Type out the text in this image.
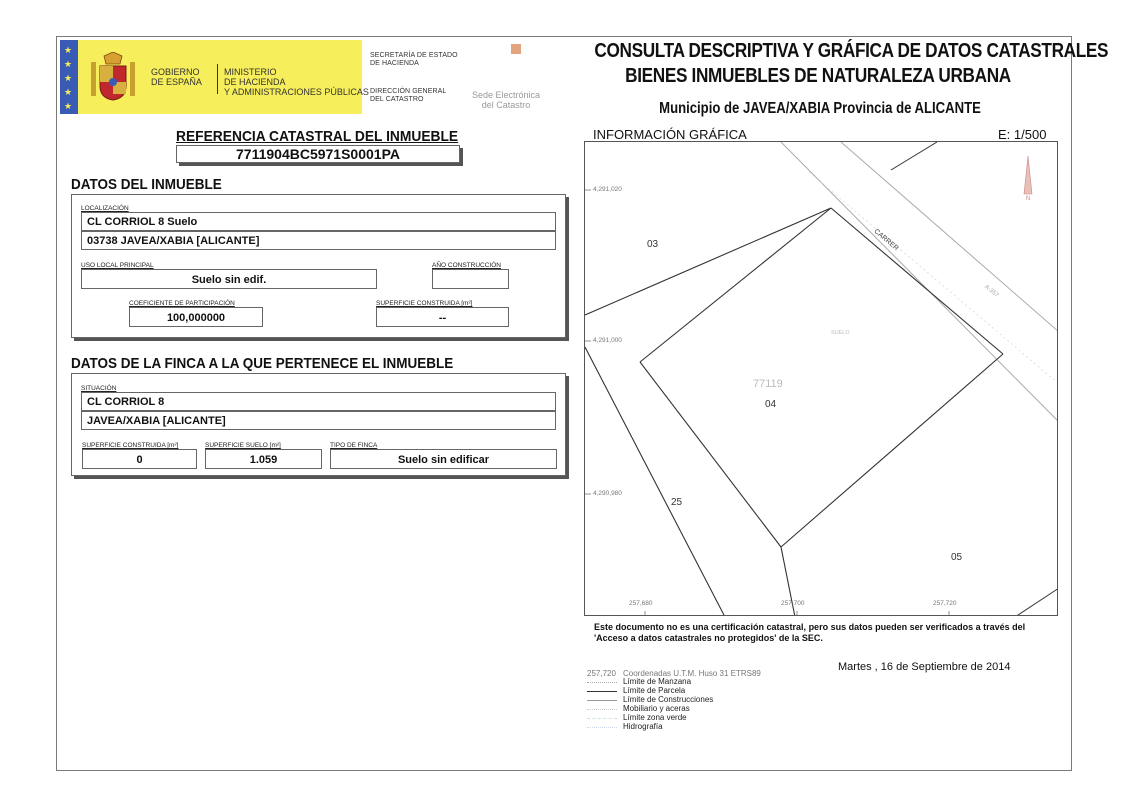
★
★
★
★
★
GOBIERNO
DE ESPAÑA
MINISTERIO
DE HACIENDA
Y ADMINISTRACIONES PÚBLICAS
SECRETARÍA DE ESTADO
DE HACIENDA
DIRECCIÓN GENERAL
DEL CATASTRO	Sede Electrónica
del Catastro
CONSULTA DESCRIPTIVA Y GRÁFICA DE DATOS CATASTRALES
BIENES INMUEBLES DE NATURALEZA URBANA
Municipio de JAVEA/XABIA Provincia de ALICANTE
REFERENCIA CATASTRAL DEL INMUEBLE
7711904BC5971S0001PA
DATOS DEL INMUEBLE
LOCALIZACIÓN
CL CORRIOL 8 Suelo
03738 JAVEA/XABIA [ALICANTE]
USO LOCAL PRINCIPAL
Suelo sin edif.
AÑO CONSTRUCCIÓN
COEFICIENTE DE PARTICIPACIÓN
100,000000
SUPERFICIE CONSTRUIDA [m²]
--
DATOS DE LA FINCA A LA QUE PERTENECE EL INMUEBLE
SITUACIÓN
CL CORRIOL 8
JAVEA/XABIA [ALICANTE]
SUPERFICIE CONSTRUIDA [m²]
0
SUPERFICIE SUELO [m²]
1.059
TIPO DE FINCA
Suelo sin edificar
INFORMACIÓN GRÁFICA	E: 1/500
N
4,291,020
4,291,000
4,290,980
257,680	257,700	257,720
03
04
25
05
77119
SUELO
CARRER
A-357
Este documento no es una certificación catastral, pero sus datos pueden ser verificados a través del
'Acceso a datos catastrales no protegidos' de la SEC.
Martes , 16 de Septiembre de 2014
257,720 Coordenadas U.T.M. Huso 31 ETRS89
Límite de Manzana
Límite de Parcela
Límite de Construcciones
Mobiliario y aceras
Límite zona verde
Hidrografía
